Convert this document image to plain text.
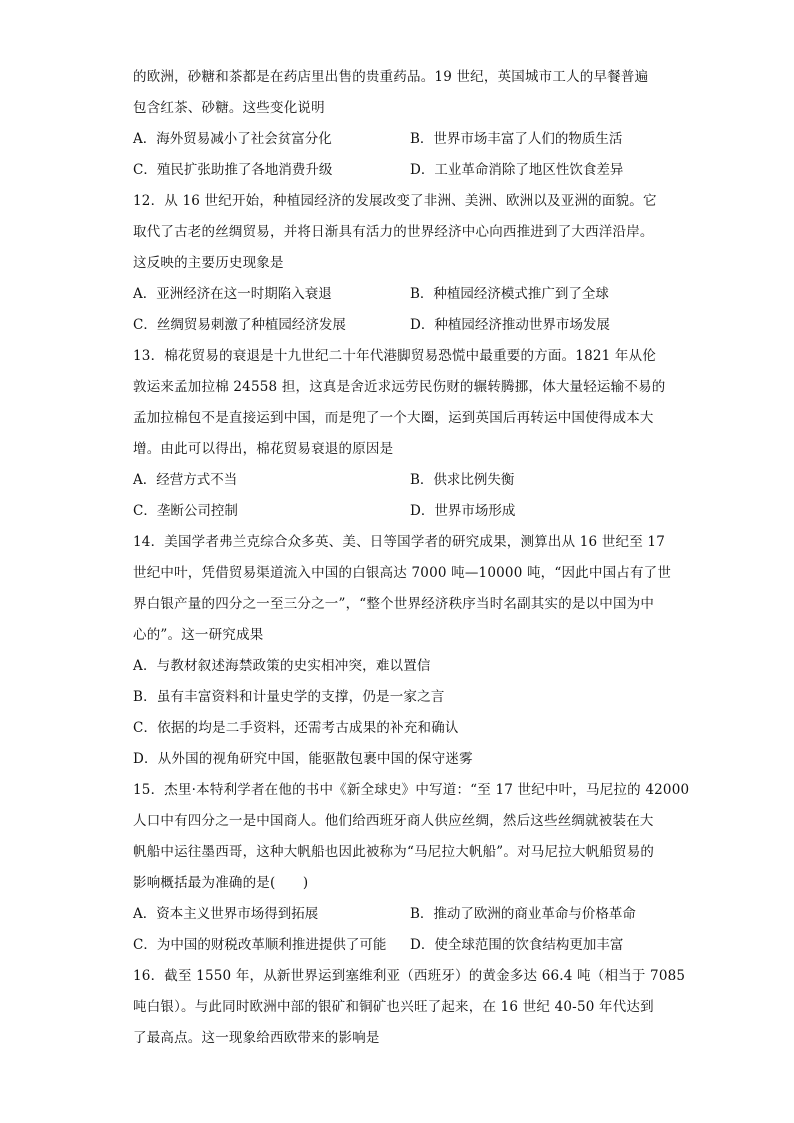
的欧洲，砂糖和茶都是在药店里出售的贵重药品。19 世纪，英国城市工人的早餐普遍
包含红茶、砂糖。这些变化说明
A．海外贸易减小了社会贫富分化	B．世界市场丰富了人们的物质生活
C．殖民扩张助推了各地消费升级	D．工业革命消除了地区性饮食差异
12．从 16 世纪开始，种植园经济的发展改变了非洲、美洲、欧洲以及亚洲的面貌。它
取代了古老的丝绸贸易，并将日渐具有活力的世界经济中心向西推进到了大西洋沿岸。
这反映的主要历史现象是
A．亚洲经济在这一时期陷入衰退	B．种植园经济模式推广到了全球
C．丝绸贸易刺激了种植园经济发展	D．种植园经济推动世界市场发展
13．棉花贸易的衰退是十九世纪二十年代港脚贸易恐慌中最重要的方面。1821 年从伦
敦运来孟加拉棉 24558 担，这真是舍近求远劳民伤财的辗转腾挪，体大量轻运输不易的
孟加拉棉包不是直接运到中国，而是兜了一个大圈，运到英国后再转运中国使得成本大
增。由此可以得出，棉花贸易衰退的原因是
A．经营方式不当	B．供求比例失衡
C．垄断公司控制	D．世界市场形成
14．美国学者弗兰克综合众多英、美、日等国学者的研究成果，测算出从 16 世纪至 17
世纪中叶，凭借贸易渠道流入中国的白银高达 7000 吨—10000 吨，“因此中国占有了世
界白银产量的四分之一至三分之一”，“整个世界经济秩序当时名副其实的是以中国为中
心的”。这一研究成果
A．与教材叙述海禁政策的史实相冲突，难以置信
B．虽有丰富资料和计量史学的支撑，仍是一家之言
C．依据的均是二手资料，还需考古成果的补充和确认
D．从外国的视角研究中国，能驱散包裹中国的保守迷雾
15．杰里·本特利学者在他的书中《新全球史》中写道：“至 17 世纪中叶，马尼拉的 42000
人口中有四分之一是中国商人。他们给西班牙商人供应丝绸，然后这些丝绸就被装在大
帆船中运往墨西哥，这种大帆船也因此被称为“马尼拉大帆船”。对马尼拉大帆船贸易的
影响概括最为准确的是(　　)
A．资本主义世界市场得到拓展	B．推动了欧洲的商业革命与价格革命
C．为中国的财税改革顺利推进提供了可能	D．使全球范围的饮食结构更加丰富
16．截至 1550 年，从新世界运到塞维利亚（西班牙）的黄金多达 66.4 吨（相当于 7085
吨白银）。与此同时欧洲中部的银矿和铜矿也兴旺了起来，在 16 世纪 40-50 年代达到
了最高点。这一现象给西欧带来的影响是
